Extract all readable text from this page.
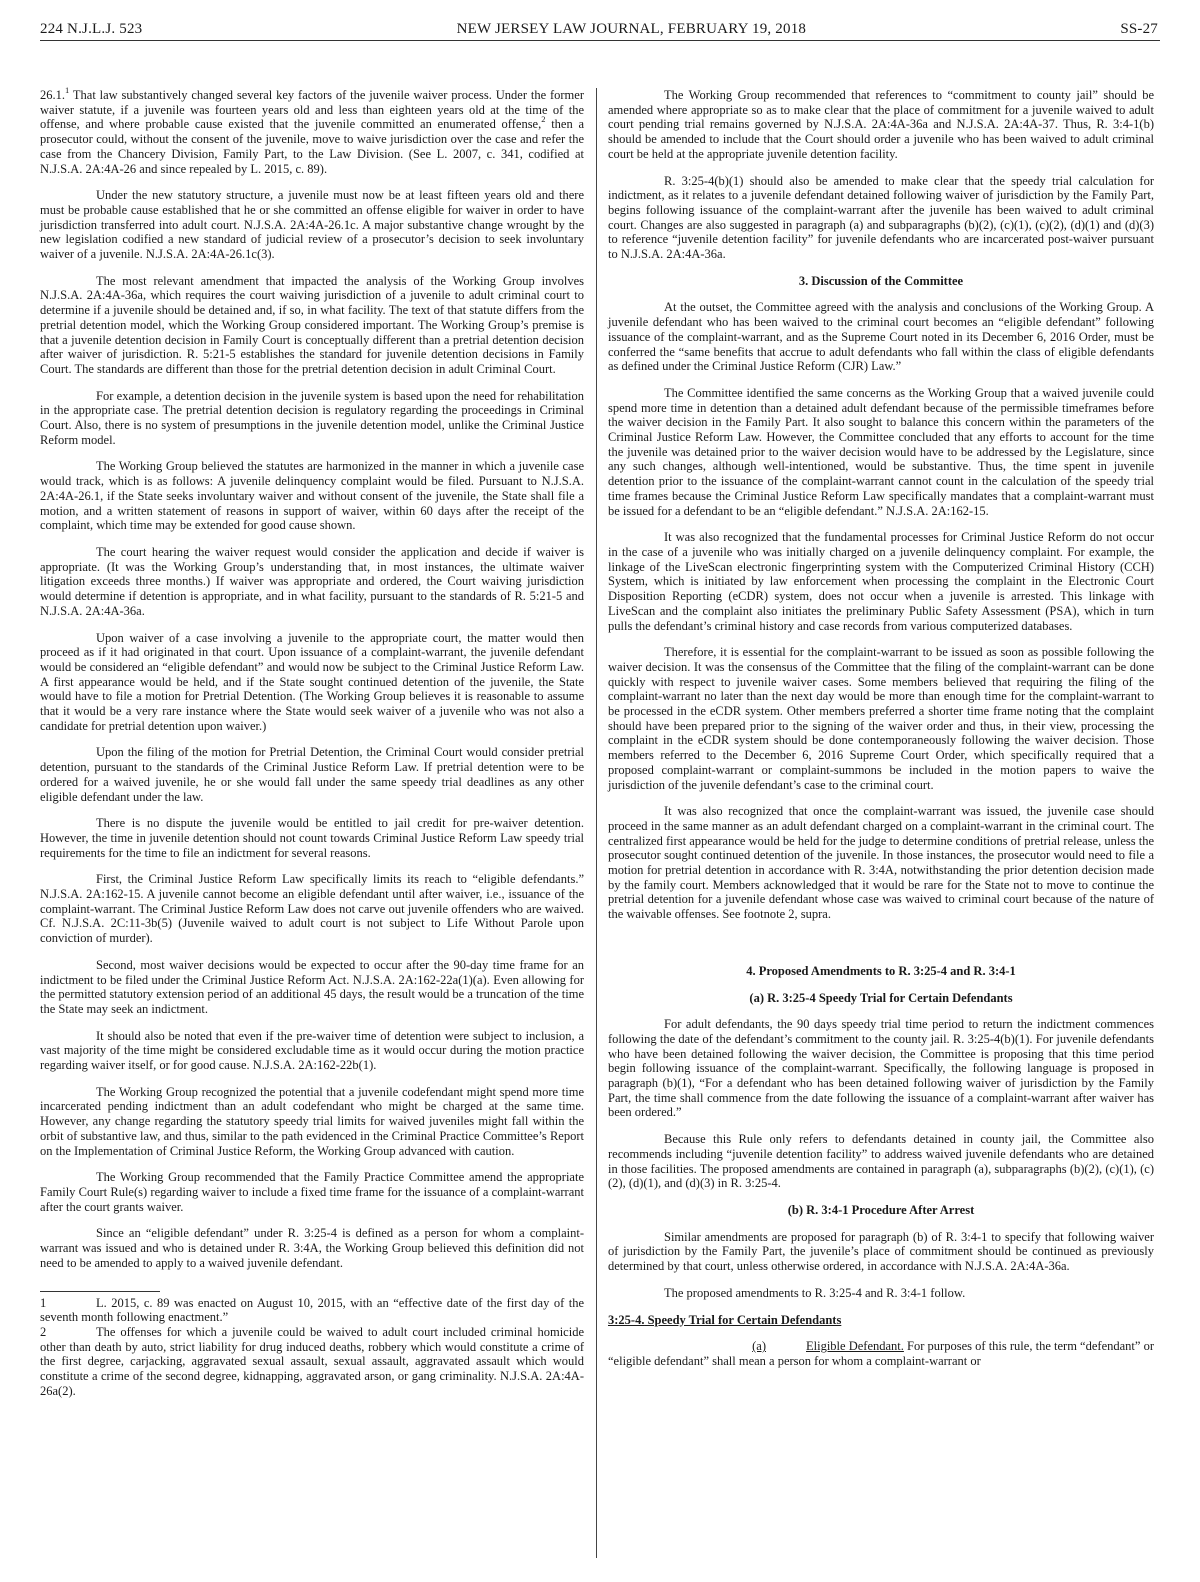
224 N.J.L.J. 523	NEW JERSEY LAW JOURNAL, FEBRUARY 19, 2018	SS-27

26.1.$^1$ That law substantively changed several key factors of the juvenile waiver process. Under the former waiver statute, if a juvenile was fourteen years old and less than eighteen years old at the time of the offense, and where probable cause existed that the juvenile committed an enumerated offense,$^2$ then a prosecutor could, without the consent of the juvenile, move to waive jurisdiction over the case and refer the case from the Chancery Division, Family Part, to the Law Division. (See L. 2007, c. 341, codified at N.J.S.A. 2A:4A-26 and since repealed by L. 2015, c. 89).

Under the new statutory structure, a juvenile must now be at least fifteen years old and there must be probable cause established that he or she committed an offense eligible for waiver in order to have jurisdiction transferred into adult court. N.J.S.A. 2A:4A-26.1c. A major substantive change wrought by the new legislation codified a new standard of judicial review of a prosecutor’s decision to seek involuntary waiver of a juvenile. N.J.S.A. 2A:4A-26.1c(3).

The most relevant amendment that impacted the analysis of the Working Group involves N.J.S.A. 2A:4A-36a, which requires the court waiving jurisdiction of a juvenile to adult criminal court to determine if a juvenile should be detained and, if so, in what facility. The text of that statute differs from the pretrial detention model, which the Working Group considered important. The Working Group’s premise is that a juvenile detention decision in Family Court is conceptually different than a pretrial detention decision after waiver of jurisdiction. R. 5:21-5 establishes the standard for juvenile detention decisions in Family Court. The standards are different than those for the pretrial detention decision in adult Criminal Court.

For example, a detention decision in the juvenile system is based upon the need for rehabilitation in the appropriate case. The pretrial detention decision is regulatory regarding the proceedings in Criminal Court. Also, there is no system of presumptions in the juvenile detention model, unlike the Criminal Justice Reform model.

The Working Group believed the statutes are harmonized in the manner in which a juvenile case would track, which is as follows: A juvenile delinquency complaint would be filed. Pursuant to N.J.S.A. 2A:4A-26.1, if the State seeks involuntary waiver and without consent of the juvenile, the State shall file a motion, and a written statement of reasons in support of waiver, within 60 days after the receipt of the complaint, which time may be extended for good cause shown.

The court hearing the waiver request would consider the application and decide if waiver is appropriate. (It was the Working Group’s understanding that, in most instances, the ultimate waiver litigation exceeds three months.) If waiver was appropriate and ordered, the Court waiving jurisdiction would determine if detention is appropriate, and in what facility, pursuant to the standards of R. 5:21-5 and N.J.S.A. 2A:4A-36a.

Upon waiver of a case involving a juvenile to the appropriate court, the matter would then proceed as if it had originated in that court. Upon issuance of a complaint-warrant, the juvenile defendant would be considered an “eligible defendant” and would now be subject to the Criminal Justice Reform Law. A first appearance would be held, and if the State sought continued detention of the juvenile, the State would have to file a motion for Pretrial Detention. (The Working Group believes it is reasonable to assume that it would be a very rare instance where the State would seek waiver of a juvenile who was not also a candidate for pretrial detention upon waiver.)

Upon the filing of the motion for Pretrial Detention, the Criminal Court would consider pretrial detention, pursuant to the standards of the Criminal Justice Reform Law. If pretrial detention were to be ordered for a waived juvenile, he or she would fall under the same speedy trial deadlines as any other eligible defendant under the law.

There is no dispute the juvenile would be entitled to jail credit for pre-waiver detention. However, the time in juvenile detention should not count towards Criminal Justice Reform Law speedy trial requirements for the time to file an indictment for several reasons.

First, the Criminal Justice Reform Law specifically limits its reach to “eligible defendants.” N.J.S.A. 2A:162-15. A juvenile cannot become an eligible defendant until after waiver, i.e., issuance of the complaint-warrant. The Criminal Justice Reform Law does not carve out juvenile offenders who are waived. Cf. N.J.S.A. 2C:11-3b(5) (Juvenile waived to adult court is not subject to Life Without Parole upon conviction of murder).

Second, most waiver decisions would be expected to occur after the 90-day time frame for an indictment to be filed under the Criminal Justice Reform Act. N.J.S.A. 2A:162-22a(1)(a). Even allowing for the permitted statutory extension period of an additional 45 days, the result would be a truncation of the time the State may seek an indictment.

It should also be noted that even if the pre-waiver time of detention were subject to inclusion, a vast majority of the time might be considered excludable time as it would occur during the motion practice regarding waiver itself, or for good cause. N.J.S.A. 2A:162-22b(1).

The Working Group recognized the potential that a juvenile codefendant might spend more time incarcerated pending indictment than an adult codefendant who might be charged at the same time. However, any change regarding the statutory speedy trial limits for waived juveniles might fall within the orbit of substantive law, and thus, similar to the path evidenced in the Criminal Practice Committee’s Report on the Implementation of Criminal Justice Reform, the Working Group advanced with caution.

The Working Group recommended that the Family Practice Committee amend the appropriate Family Court Rule(s) regarding waiver to include a fixed time frame for the issuance of a complaint-warrant after the court grants waiver.

Since an “eligible defendant” under R. 3:25-4 is defined as a person for whom a complaint-warrant was issued and who is detained under R. 3:4A, the Working Group believed this definition did not need to be amended to apply to a waived juvenile defendant.

1	L. 2015, c. 89 was enacted on August 10, 2015, with an “effective date of the first day of the seventh month following enactment.”

2	The offenses for which a juvenile could be waived to adult court included criminal homicide other than death by auto, strict liability for drug induced deaths, robbery which would constitute a crime of the first degree, carjacking, aggravated sexual assault, sexual assault, aggravated assault which would constitute a crime of the second degree, kidnapping, aggravated arson, or gang criminality. N.J.S.A. 2A:4A-26a(2).

The Working Group recommended that references to “commitment to county jail” should be amended where appropriate so as to make clear that the place of commitment for a juvenile waived to adult court pending trial remains governed by N.J.S.A. 2A:4A-36a and N.J.S.A. 2A:4A-37. Thus, R. 3:4-1(b) should be amended to include that the Court should order a juvenile who has been waived to adult criminal court be held at the appropriate juvenile detention facility.

R. 3:25-4(b)(1) should also be amended to make clear that the speedy trial calculation for indictment, as it relates to a juvenile defendant detained following waiver of jurisdiction by the Family Part, begins following issuance of the complaint-warrant after the juvenile has been waived to adult criminal court. Changes are also suggested in paragraph (a) and subparagraphs (b)(2), (c)(1), (c)(2), (d)(1) and (d)(3) to reference “juvenile detention facility” for juvenile defendants who are incarcerated post-waiver pursuant to N.J.S.A. 2A:4A-36a.

3. Discussion of the Committee

At the outset, the Committee agreed with the analysis and conclusions of the Working Group. A juvenile defendant who has been waived to the criminal court becomes an “eligible defendant” following issuance of the complaint-warrant, and as the Supreme Court noted in its December 6, 2016 Order, must be conferred the “same benefits that accrue to adult defendants who fall within the class of eligible defendants as defined under the Criminal Justice Reform (CJR) Law.”

The Committee identified the same concerns as the Working Group that a waived juvenile could spend more time in detention than a detained adult defendant because of the permissible timeframes before the waiver decision in the Family Part. It also sought to balance this concern within the parameters of the Criminal Justice Reform Law. However, the Committee concluded that any efforts to account for the time the juvenile was detained prior to the waiver decision would have to be addressed by the Legislature, since any such changes, although well-intentioned, would be substantive. Thus, the time spent in juvenile detention prior to the issuance of the complaint-warrant cannot count in the calculation of the speedy trial time frames because the Criminal Justice Reform Law specifically mandates that a complaint-warrant must be issued for a defendant to be an “eligible defendant.” N.J.S.A. 2A:162-15.

It was also recognized that the fundamental processes for Criminal Justice Reform do not occur in the case of a juvenile who was initially charged on a juvenile delinquency complaint. For example, the linkage of the LiveScan electronic fingerprinting system with the Computerized Criminal History (CCH) System, which is initiated by law enforcement when processing the complaint in the Electronic Court Disposition Reporting (eCDR) system, does not occur when a juvenile is arrested. This linkage with LiveScan and the complaint also initiates the preliminary Public Safety Assessment (PSA), which in turn pulls the defendant’s criminal history and case records from various computerized databases.

Therefore, it is essential for the complaint-warrant to be issued as soon as possible following the waiver decision. It was the consensus of the Committee that the filing of the complaint-warrant can be done quickly with respect to juvenile waiver cases. Some members believed that requiring the filing of the complaint-warrant no later than the next day would be more than enough time for the complaint-warrant to be processed in the eCDR system. Other members preferred a shorter time frame noting that the complaint should have been prepared prior to the signing of the waiver order and thus, in their view, processing the complaint in the eCDR system should be done contemporaneously following the waiver decision. Those members referred to the December 6, 2016 Supreme Court Order, which specifically required that a proposed complaint-warrant or complaint-summons be included in the motion papers to waive the jurisdiction of the juvenile defendant’s case to the criminal court.

It was also recognized that once the complaint-warrant was issued, the juvenile case should proceed in the same manner as an adult defendant charged on a complaint-warrant in the criminal court. The centralized first appearance would be held for the judge to determine conditions of pretrial release, unless the prosecutor sought continued detention of the juvenile. In those instances, the prosecutor would need to file a motion for pretrial detention in accordance with R. 3:4A, notwithstanding the prior detention decision made by the family court. Members acknowledged that it would be rare for the State not to move to continue the pretrial detention for a juvenile defendant whose case was waived to criminal court because of the nature of the waivable offenses. See footnote 2, supra.

4. Proposed Amendments to R. 3:25-4 and R. 3:4-1
(a) R. 3:25-4 Speedy Trial for Certain Defendants

For adult defendants, the 90 days speedy trial time period to return the indictment commences following the date of the defendant’s commitment to the county jail. R. 3:25-4(b)(1). For juvenile defendants who have been detained following the waiver decision, the Committee is proposing that this time period begin following issuance of the complaint-warrant. Specifically, the following language is proposed in paragraph (b)(1), “For a defendant who has been detained following waiver of jurisdiction by the Family Part, the time shall commence from the date following the issuance of a complaint-warrant after waiver has been ordered.”

Because this Rule only refers to defendants detained in county jail, the Committee also recommends including “juvenile detention facility” to address waived juvenile defendants who are detained in those facilities. The proposed amendments are contained in paragraph (a), subparagraphs (b)(2), (c)(1), (c)(2), (d)(1), and (d)(3) in R. 3:25-4.

(b) R. 3:4-1 Procedure After Arrest

Similar amendments are proposed for paragraph (b) of R. 3:4-1 to specify that following waiver of jurisdiction by the Family Part, the juvenile’s place of commitment should be continued as previously determined by that court, unless otherwise ordered, in accordance with N.J.S.A. 2A:4A-36a.

The proposed amendments to R. 3:25-4 and R. 3:4-1 follow.

3:25-4. Speedy Trial for Certain Defendants

(a)	Eligible Defendant. For purposes of this rule, the term “defendant” or “eligible defendant” shall mean a person for whom a complaint-warrant or
